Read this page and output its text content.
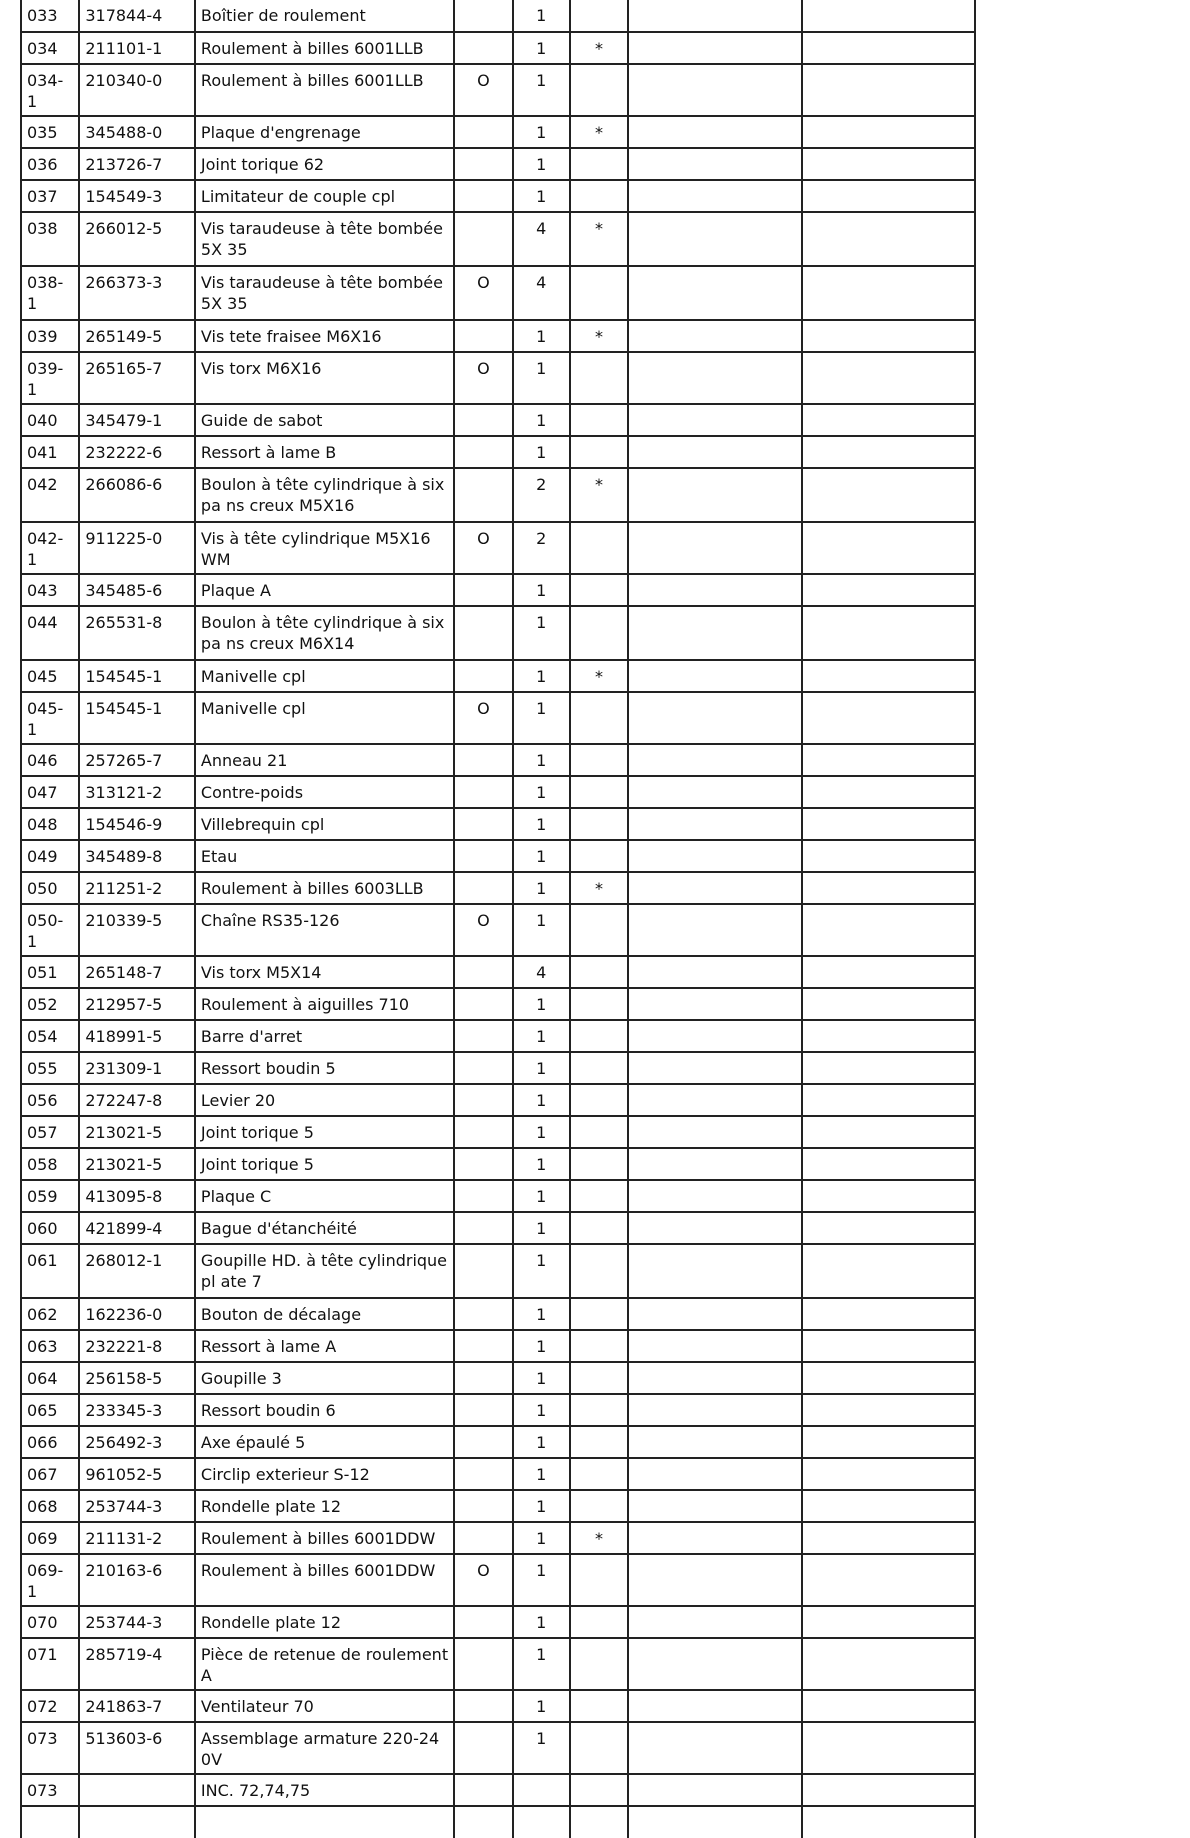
033	317844-4	Boîtier de roulement		1			
034	211101-1	Roulement à billes 6001LLB		1	*		
034-1	210340-0	Roulement à billes 6001LLB	O	1			
035	345488-0	Plaque d'engrenage		1	*		
036	213726-7	Joint torique 62		1			
037	154549-3	Limitateur de couple cpl		1			
038	266012-5	Vis taraudeuse à tête bombée 5X 35		4	*		
038-1	266373-3	Vis taraudeuse à tête bombée 5X 35	O	4			
039	265149-5	Vis tete fraisee M6X16		1	*		
039-1	265165-7	Vis torx M6X16	O	1			
040	345479-1	Guide de sabot		1			
041	232222-6	Ressort à lame B		1			
042	266086-6	Boulon à tête cylindrique à six pa ns creux M5X16		2	*		
042-1	911225-0	Vis à tête cylindrique M5X16 WM	O	2			
043	345485-6	Plaque A		1			
044	265531-8	Boulon à tête cylindrique à six pa ns creux M6X14		1			
045	154545-1	Manivelle cpl		1	*		
045-1	154545-1	Manivelle cpl	O	1			
046	257265-7	Anneau 21		1			
047	313121-2	Contre-poids		1			
048	154546-9	Villebrequin cpl		1			
049	345489-8	Etau		1			
050	211251-2	Roulement à billes 6003LLB		1	*		
050-1	210339-5	Chaîne RS35-126	O	1			
051	265148-7	Vis torx M5X14		4			
052	212957-5	Roulement à aiguilles 710		1			
054	418991-5	Barre d'arret		1			
055	231309-1	Ressort boudin 5		1			
056	272247-8	Levier 20		1			
057	213021-5	Joint torique 5		1			
058	213021-5	Joint torique 5		1			
059	413095-8	Plaque C		1			
060	421899-4	Bague d'étanchéité		1			
061	268012-1	Goupille HD. à tête cylindrique pl ate 7		1			
062	162236-0	Bouton de décalage		1			
063	232221-8	Ressort à lame A		1			
064	256158-5	Goupille 3		1			
065	233345-3	Ressort boudin 6		1			
066	256492-3	Axe épaulé 5		1			
067	961052-5	Circlip exterieur S-12		1			
068	253744-3	Rondelle plate 12		1			
069	211131-2	Roulement à billes 6001DDW		1	*		
069-1	210163-6	Roulement à billes 6001DDW	O	1			
070	253744-3	Rondelle plate 12		1			
071	285719-4	Pièce de retenue de roulement A		1			
072	241863-7	Ventilateur 70		1			
073	513603-6	Assemblage armature 220-240V		1			
073		INC. 72,74,75					
